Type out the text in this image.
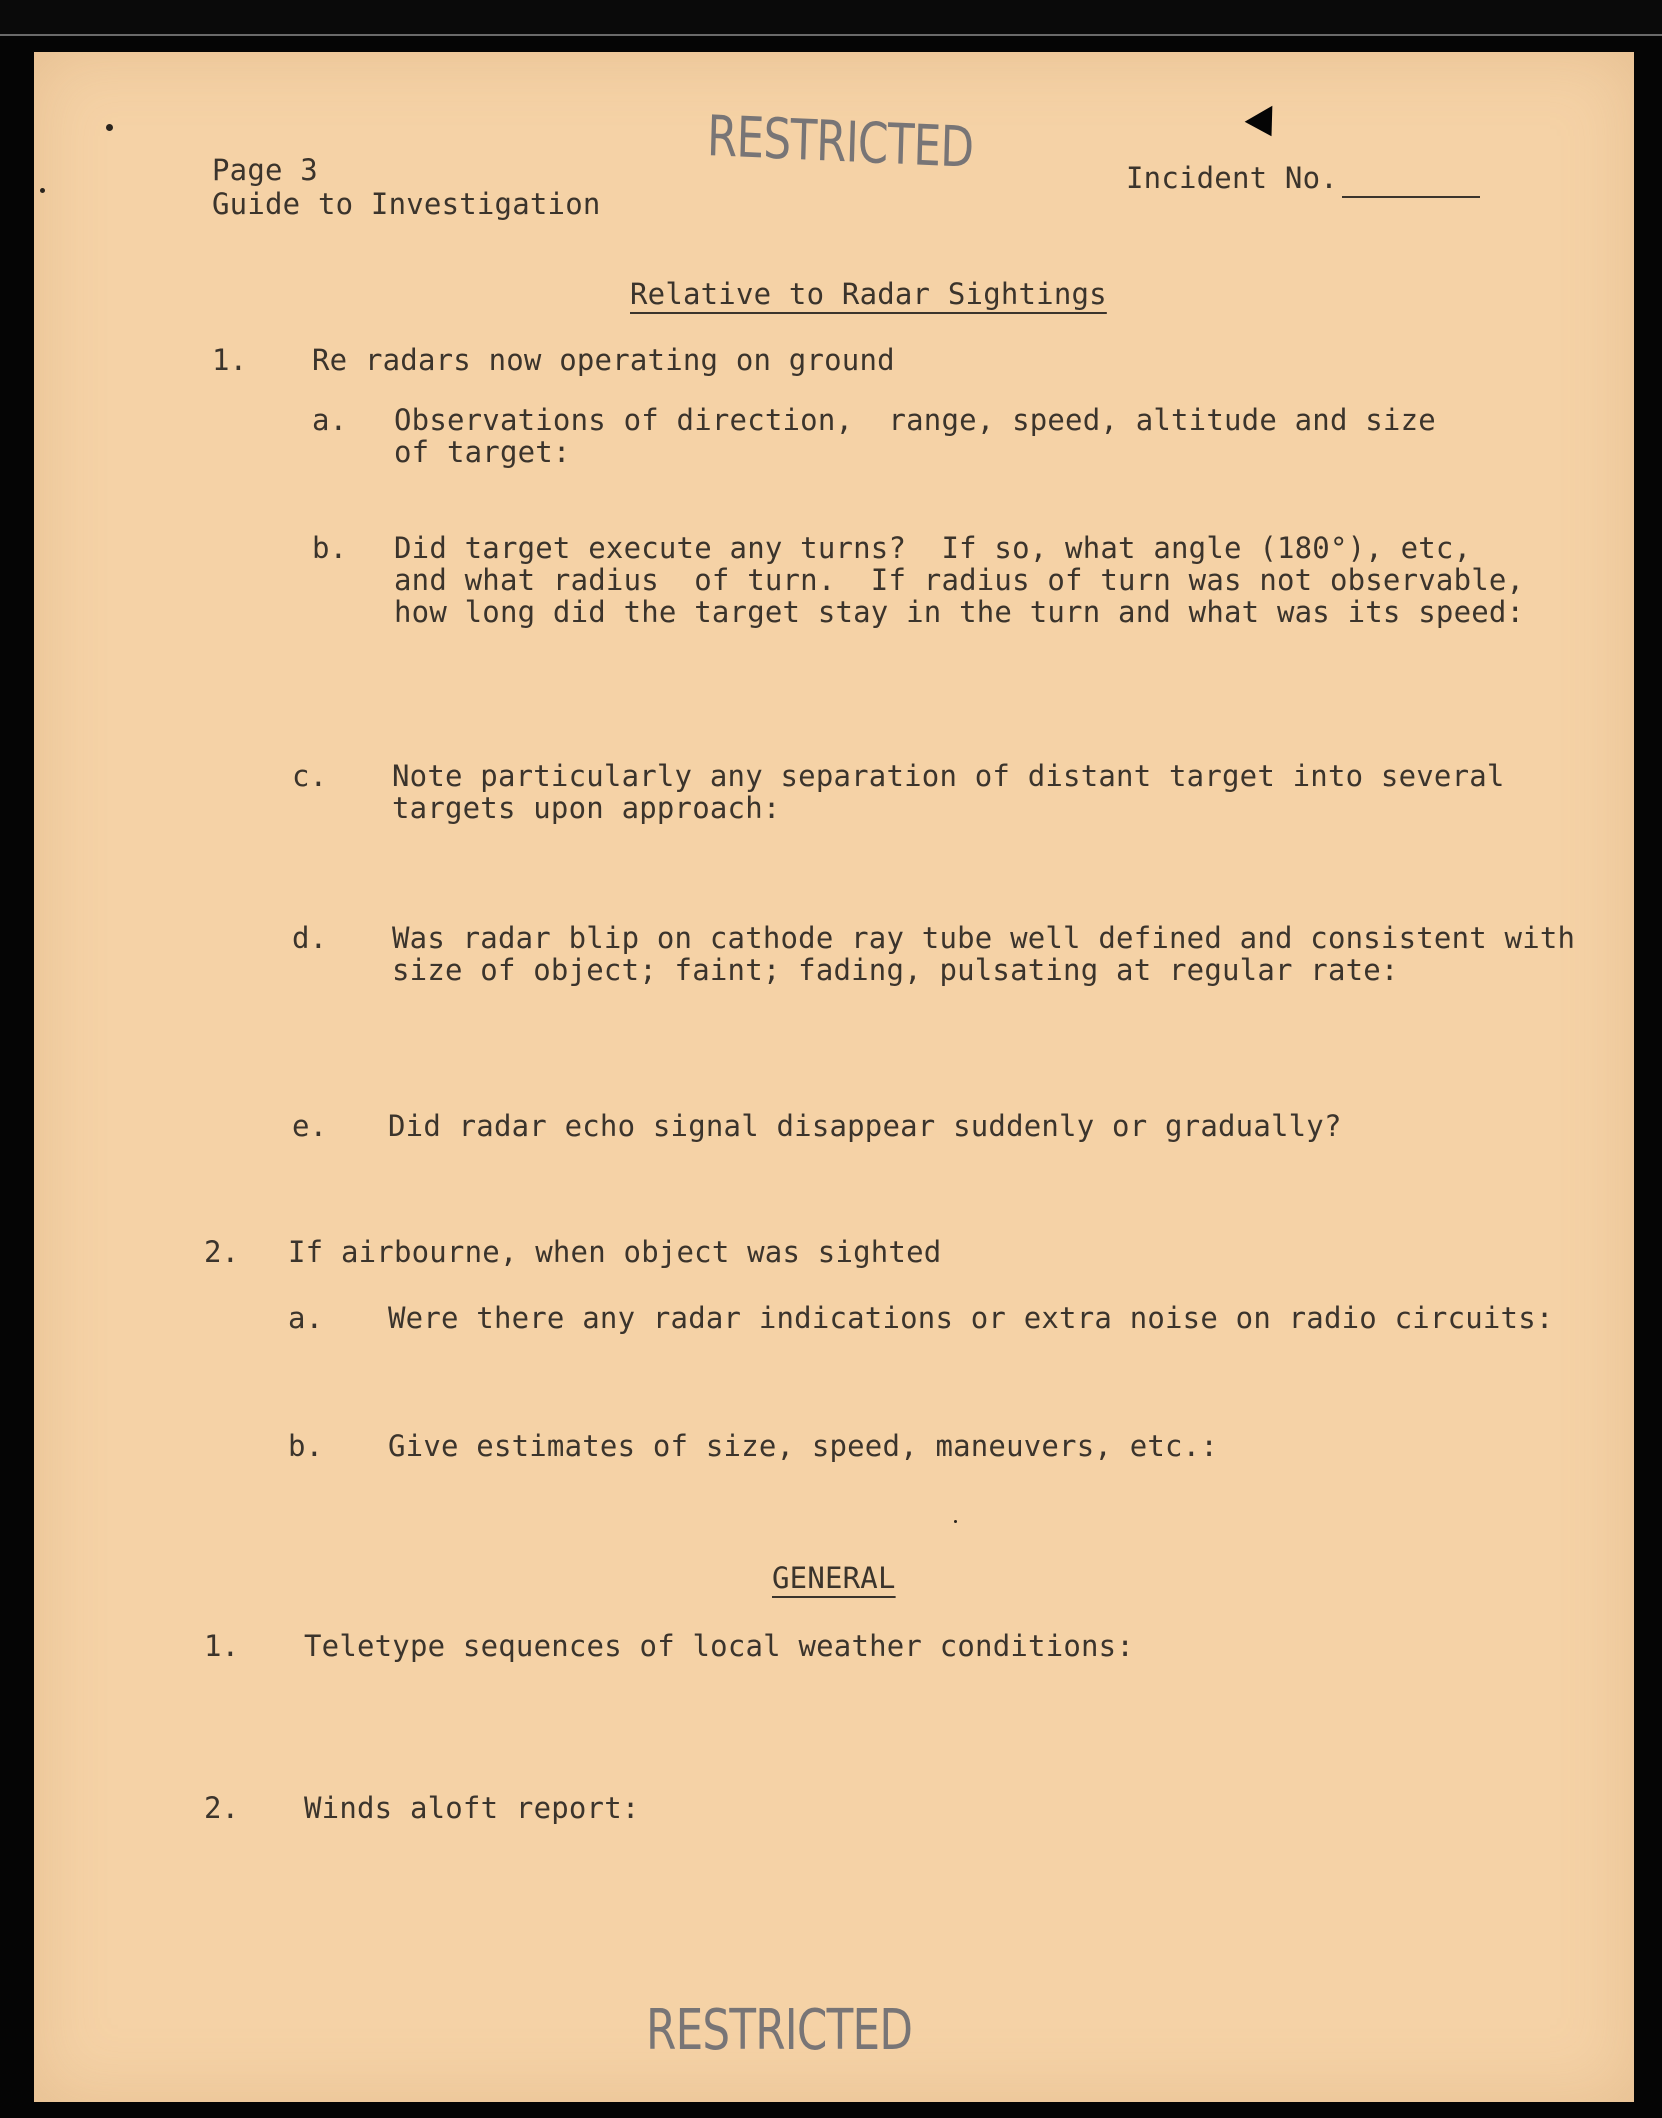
Page 3
Guide to Investigation
Incident No.
RESTRICTED
Relative to Radar Sightings
1. Re radars now operating on ground
a. Observations of direction,  range, speed, altitude and size
of target:
b. Did target execute any turns?  If so, what angle (180°), etc,
and what radius  of turn.  If radius of turn was not observable,
how long did the target stay in the turn and what was its speed:
c. Note particularly any separation of distant target into several
targets upon approach:
d. Was radar blip on cathode ray tube well defined and consistent with
size of object; faint; fading, pulsating at regular rate:
e. Did radar echo signal disappear suddenly or gradually?
2. If airbourne, when object was sighted
a. Were there any radar indications or extra noise on radio circuits:
b. Give estimates of size, speed, maneuvers, etc.:
GENERAL
1. Teletype sequences of local weather conditions:
2. Winds aloft report:
RESTRICTED
